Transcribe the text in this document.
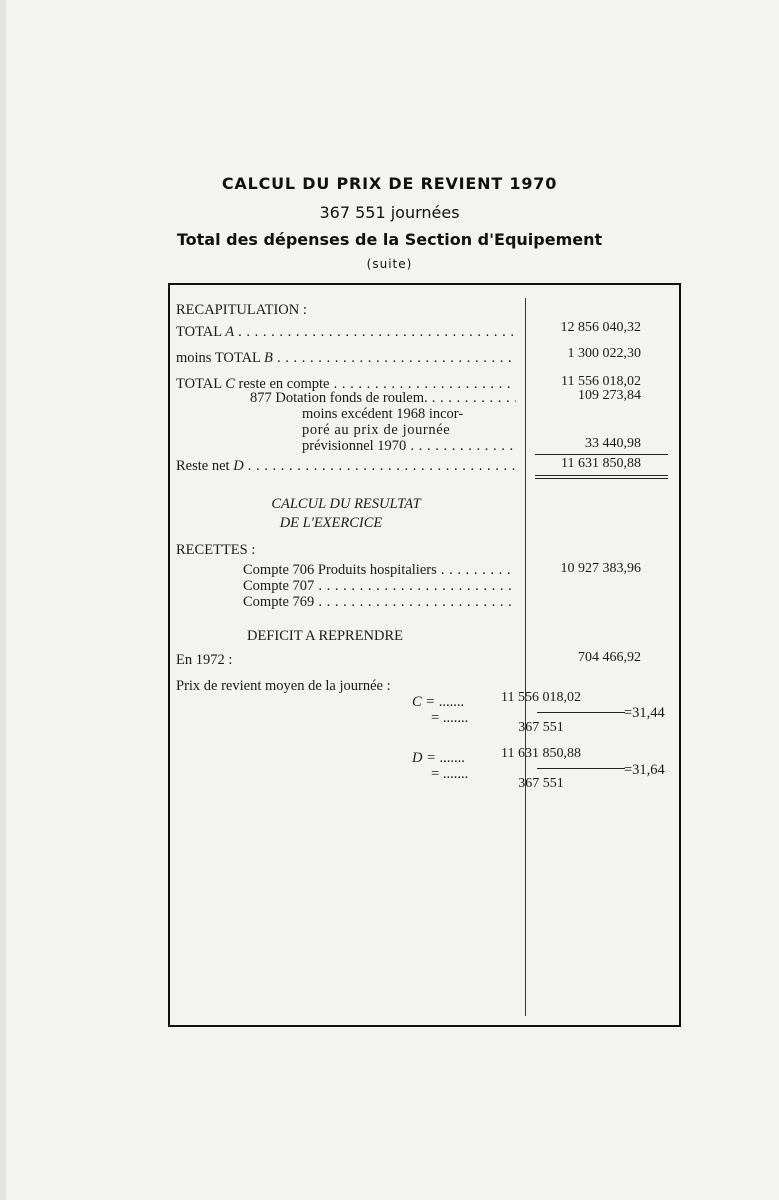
CALCUL DU PRIX DE REVIENT 1970
367 551 journées
Total des dépenses de la Section d'Equipement
(suite)
RECAPITULATION :
TOTAL A . . .	12 856 040,32
moins TOTAL B . . .	1 300 022,30
TOTAL C reste en compte . . .	11 556 018,02
877 Dotation fonds de roulem. . . .	109 273,84
moins excédent 1968 incor-
poré au prix de journée
prévisionnel 1970 . . .	33 440,98
Reste net D . . .	11 631 850,88
CALCUL DU RESULTAT
DE L'EXERCICE
RECETTES :
Compte 706 Produits hospitaliers . . .	10 927 383,96
Compte 707 . . .
Compte 769 . . .
DEFICIT A REPRENDRE
En 1972 :	704 466,92
Prix de revient moyen de la journée :
C = .......
= .......
11 556 018,02
367 551
=31,44
D = .......
= .......
11 631 850,88
367 551
=31,64
